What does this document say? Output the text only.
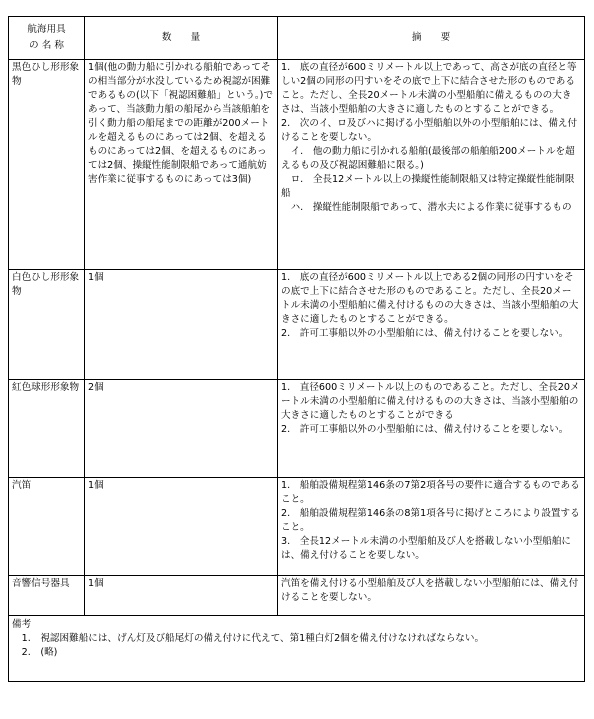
航海用具
の 名 称	数　　量	摘　　要
黒色ひし形形象物	1個(他の動力船に引かれる船舶であってその相当部分が水没しているため視認が困難であるもの(以下「視認困難船」という。)であって、当該動力船の船尾から当該船舶を引く動力船の船尾までの距離が200メートルを超えるものにあっては2個、を超えるものにあっては2個、を超えるものにあっては2個、操縦性能制限船であって通航妨害作業に従事するものにあっては3個)	1.　底の直径が600ミリメートル以上であって、高さが底の直径と等しい2個の同形の円すいをその底で上下に結合させた形のものであること。ただし、全長20メートル未満の小型船舶に備えるものの大きさは、当該小型船舶の大きさに適したものとすることができる。
2.　次のイ、ロ及びハに掲げる小型船舶以外の小型船舶には、備え付けることを要しない。
　イ.　他の動力船に引かれる船舶(最後部の船舶船200メートルを超えるもの及び視認困難船に限る。)
　ロ.　全長12メートル以上の操縦性能制限船又は特定操縦性能制限船
　ハ.　操縦性能制限船であって、潜水夫による作業に従事するもの
白色ひし形形象物	1個	1.　底の直径が600ミリメートル以上である2個の同形の円すいをその底で上下に結合させた形のものであること。ただし、全長20メートル未満の小型船舶に備え付けるものの大きさは、当該小型船舶の大きさに適したものとすることができる。
2.　許可工事船以外の小型船舶には、備え付けることを要しない。
紅色球形形象物	2個	1.　直径600ミリメートル以上のものであること。ただし、全長20メートル未満の小型船舶に備え付けるものの大きさは、当該小型船舶の大きさに適したものとすることができる
2.　許可工事船以外の小型船舶には、備え付けることを要しない。
汽笛	1個	1.　船舶設備規程第146条の7第2項各号の要件に適合するものであること。
2.　船舶設備規程第146条の8第1項各号に掲げところにより設置すること。
3.　全長12メートル未満の小型船舶及び人を搭載しない小型船舶には、備え付けることを要しない。
音響信号器具	1個	汽笛を備え付ける小型船舶及び人を搭載しない小型船舶には、備え付けることを要しない。

備考
　1.　視認困難船には、げん灯及び船尾灯の備え付けに代えて、第1種白灯2個を備え付けなければならない。
　2.　(略)		
